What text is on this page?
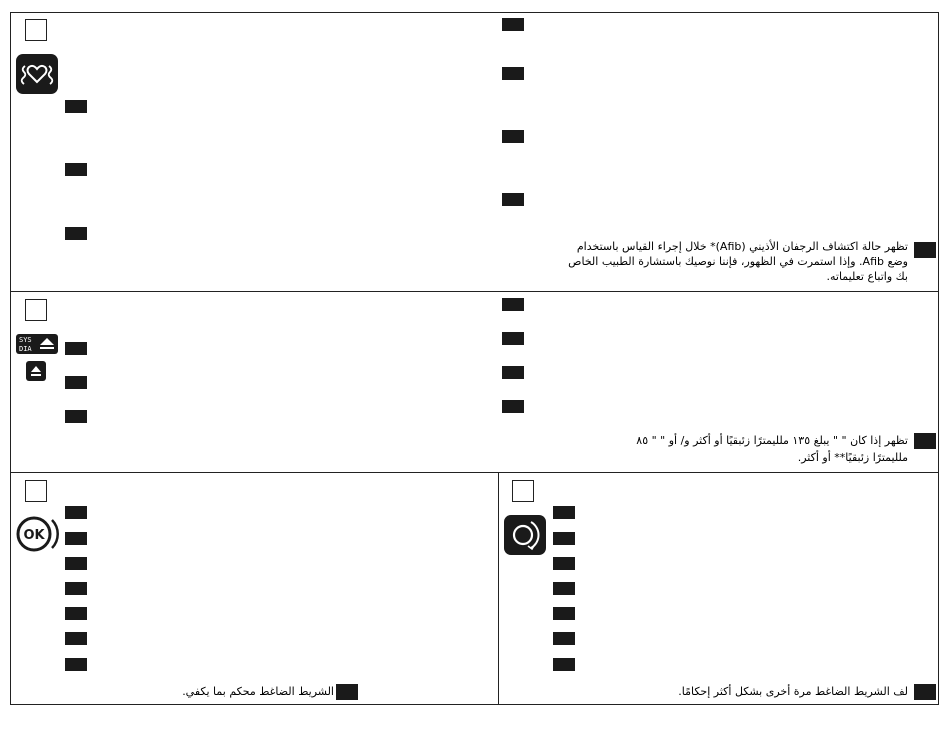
تظهر حالة اكتشاف الرجفان الأذيني (Afib)* خلال إجراء القياس باستخدام
وضع Afib. وإذا استمرت في الظهور، فإننا نوصيك باستشارة الطبيب الخاص
بك واتباع تعليماته.
SYS
DIA
تظهر إذا كان " " يبلغ ١٣٥ ملليمترًا زئبقيًا أو أكثر و/ أو " " ٨٥
ملليمترًا زئبقيًا** أو أكثر.
OK
الشريط الضاغط محكم بما يكفي.	لف الشريط الضاغط مرة أخرى بشكل أكثر إحكامًا.
